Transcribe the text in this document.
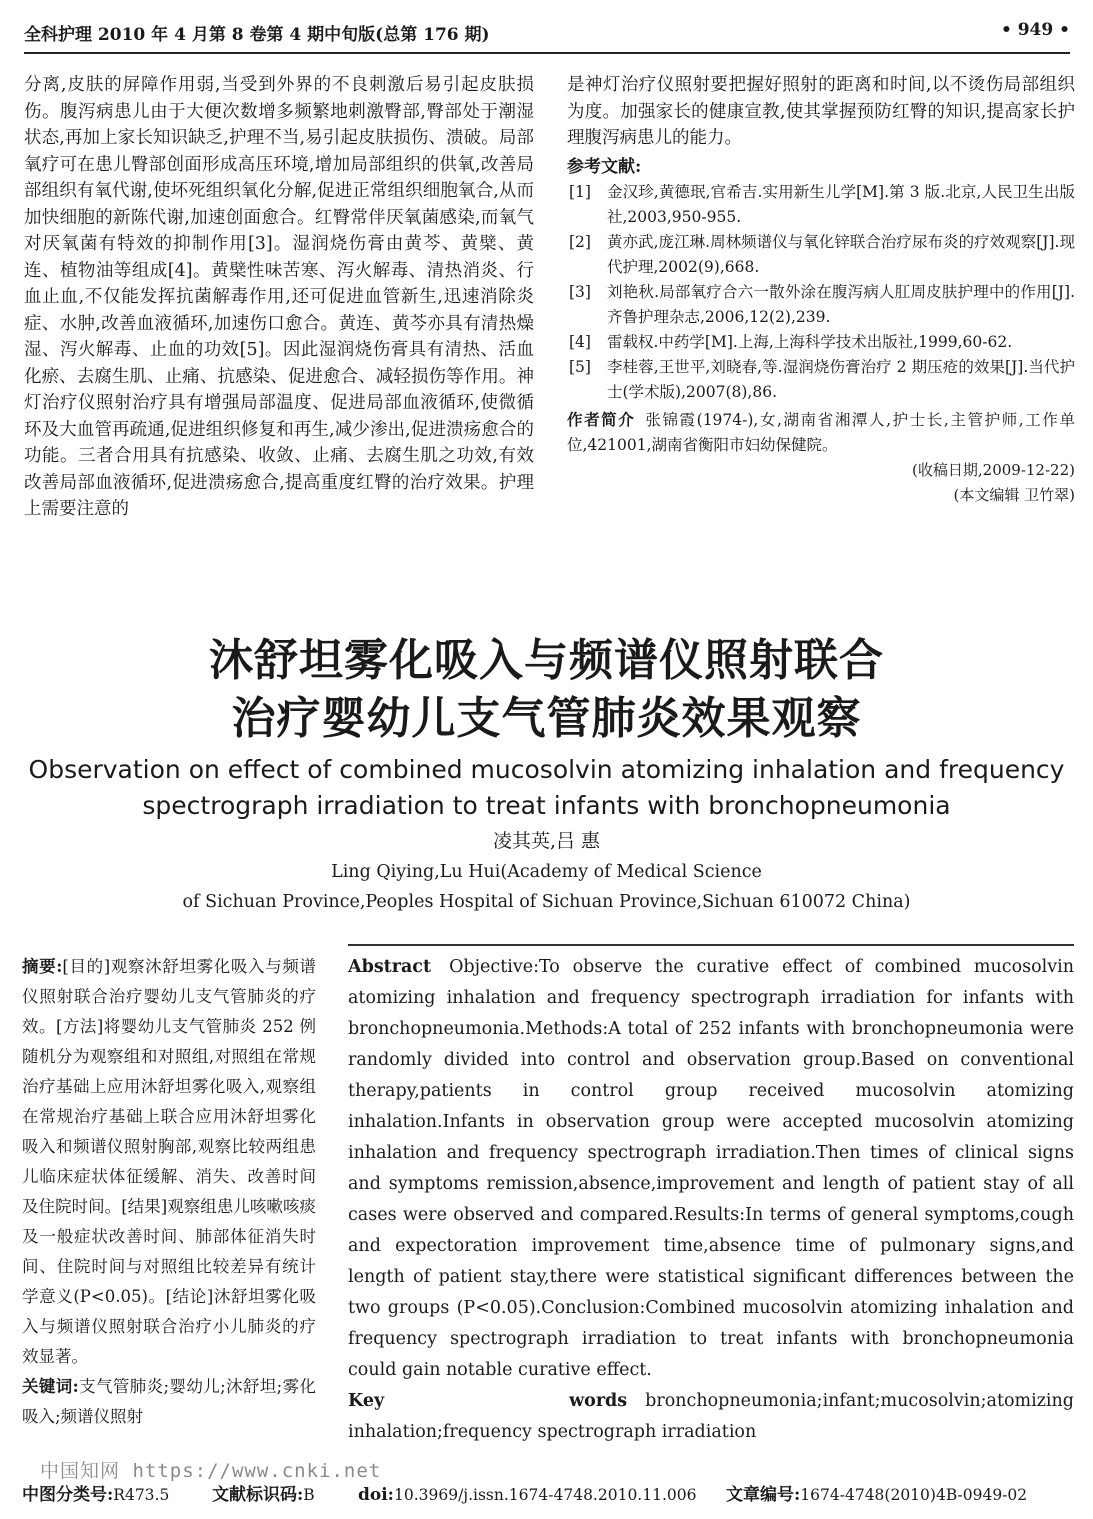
全科护理 2010 年 4 月第 8 卷第 4 期中旬版(总第 176 期)	• 949 •

分离,皮肤的屏障作用弱,当受到外界的不良刺激后易引起皮肤损伤。腹泻病患儿由于大便次数增多频繁地刺激臀部,臀部处于潮湿状态,再加上家长知识缺乏,护理不当,易引起皮肤损伤、溃破。局部氧疗可在患儿臀部创面形成高压环境,增加局部组织的供氧,改善局部组织有氧代谢,使坏死组织氧化分解,促进正常组织细胞氧合,从而加快细胞的新陈代谢,加速创面愈合。红臀常伴厌氧菌感染,而氧气对厌氧菌有特效的抑制作用[3]。湿润烧伤膏由黄芩、黄檗、黄连、植物油等组成[4]。黄檗性味苦寒、泻火解毒、清热消炎、行血止血,不仅能发挥抗菌解毒作用,还可促进血管新生,迅速消除炎症、水肿,改善血液循环,加速伤口愈合。黄连、黄芩亦具有清热燥湿、泻火解毒、止血的功效[5]。因此湿润烧伤膏具有清热、活血化瘀、去腐生肌、止痛、抗感染、促进愈合、减轻损伤等作用。神灯治疗仪照射治疗具有增强局部温度、促进局部血液循环,使微循环及大血管再疏通,促进组织修复和再生,减少渗出,促进溃疡愈合的功能。三者合用具有抗感染、收敛、止痛、去腐生肌之功效,有效改善局部血液循环,促进溃疡愈合,提高重度红臀的治疗效果。护理上需要注意的

是神灯治疗仪照射要把握好照射的距离和时间,以不烫伤局部组织为度。加强家长的健康宣教,使其掌握预防红臀的知识,提高家长护理腹泻病患儿的能力。

参考文献:
[1] 金汉珍,黄德珉,官希吉.实用新生儿学[M].第 3 版.北京,人民卫生出版社,2003,950-955.
[2] 黄亦武,庞江琳.周林频谱仪与氧化锌联合治疗尿布炎的疗效观察[J].现代护理,2002(9),668.
[3] 刘艳秋.局部氧疗合六一散外涂在腹泻病人肛周皮肤护理中的作用[J].齐鲁护理杂志,2006,12(2),239.
[4] 雷载权.中药学[M].上海,上海科学技术出版社,1999,60-62.
[5] 李桂蓉,王世平,刘晓春,等.湿润烧伤膏治疗 2 期压疮的效果[J].当代护士(学术版),2007(8),86.
作者简介 张锦霞(1974-),女,湖南省湘潭人,护士长,主管护师,工作单位,421001,湖南省衡阳市妇幼保健院。
(收稿日期,2009-12-22)
(本文编辑 卫竹翠)
沐舒坦雾化吸入与频谱仪照射联合
治疗婴幼儿支气管肺炎效果观察
Observation on effect of combined mucosolvin atomizing inhalation and frequency
spectrograph irradiation to treat infants with bronchopneumonia
凌其英,吕 惠
Ling Qiying,Lu Hui(Academy of Medical Science
of Sichuan Province,Peoples Hospital of Sichuan Province,Sichuan 610072 China)
摘要:[目的]观察沐舒坦雾化吸入与频谱仪照射联合治疗婴幼儿支气管肺炎的疗效。[方法]将婴幼儿支气管肺炎 252 例随机分为观察组和对照组,对照组在常规治疗基础上应用沐舒坦雾化吸入,观察组在常规治疗基础上联合应用沐舒坦雾化吸入和频谱仪照射胸部,观察比较两组患儿临床症状体征缓解、消失、改善时间及住院时间。[结果]观察组患儿咳嗽咳痰及一般症状改善时间、肺部体征消失时间、住院时间与对照组比较差异有统计学意义(P<0.05)。[结论]沐舒坦雾化吸入与频谱仪照射联合治疗小儿肺炎的疗效显著。
关键词:支气管肺炎;婴幼儿;沐舒坦;雾化吸入;频谱仪照射

Abstract Objective:To observe the curative effect of combined mucosolvin atomizing inhalation and frequency spectrograph irradiation for infants with bronchopneumonia.Methods:A total of 252 infants with bronchopneumonia were randomly divided into control and observation group.Based on conventional therapy,patients in control group received mucosolvin atomizing inhalation.Infants in observation group were accepted mucosolvin atomizing inhalation and frequency spectrograph irradiation.Then times of clinical signs and symptoms remission,absence,improvement and length of patient stay of all cases were observed and compared.Results:In terms of general symptoms,cough and expectoration improvement time,absence time of pulmonary signs,and length of patient stay,there were statistical significant differences between the two groups (P<0.05).Conclusion:Combined mucosolvin atomizing inhalation and frequency spectrograph irradiation to treat infants with bronchopneumonia could gain notable curative effect.

Key words bronchopneumonia;infant;mucosolvin;atomizing inhalation;frequency spectrograph irradiation

中国知网 https://www.cnki.net
中图分类号:R473.5	文献标识码:B	doi:10.3969/j.issn.1674-4748.2010.11.006 文章编号:1674-4748(2010)4B-0949-02
